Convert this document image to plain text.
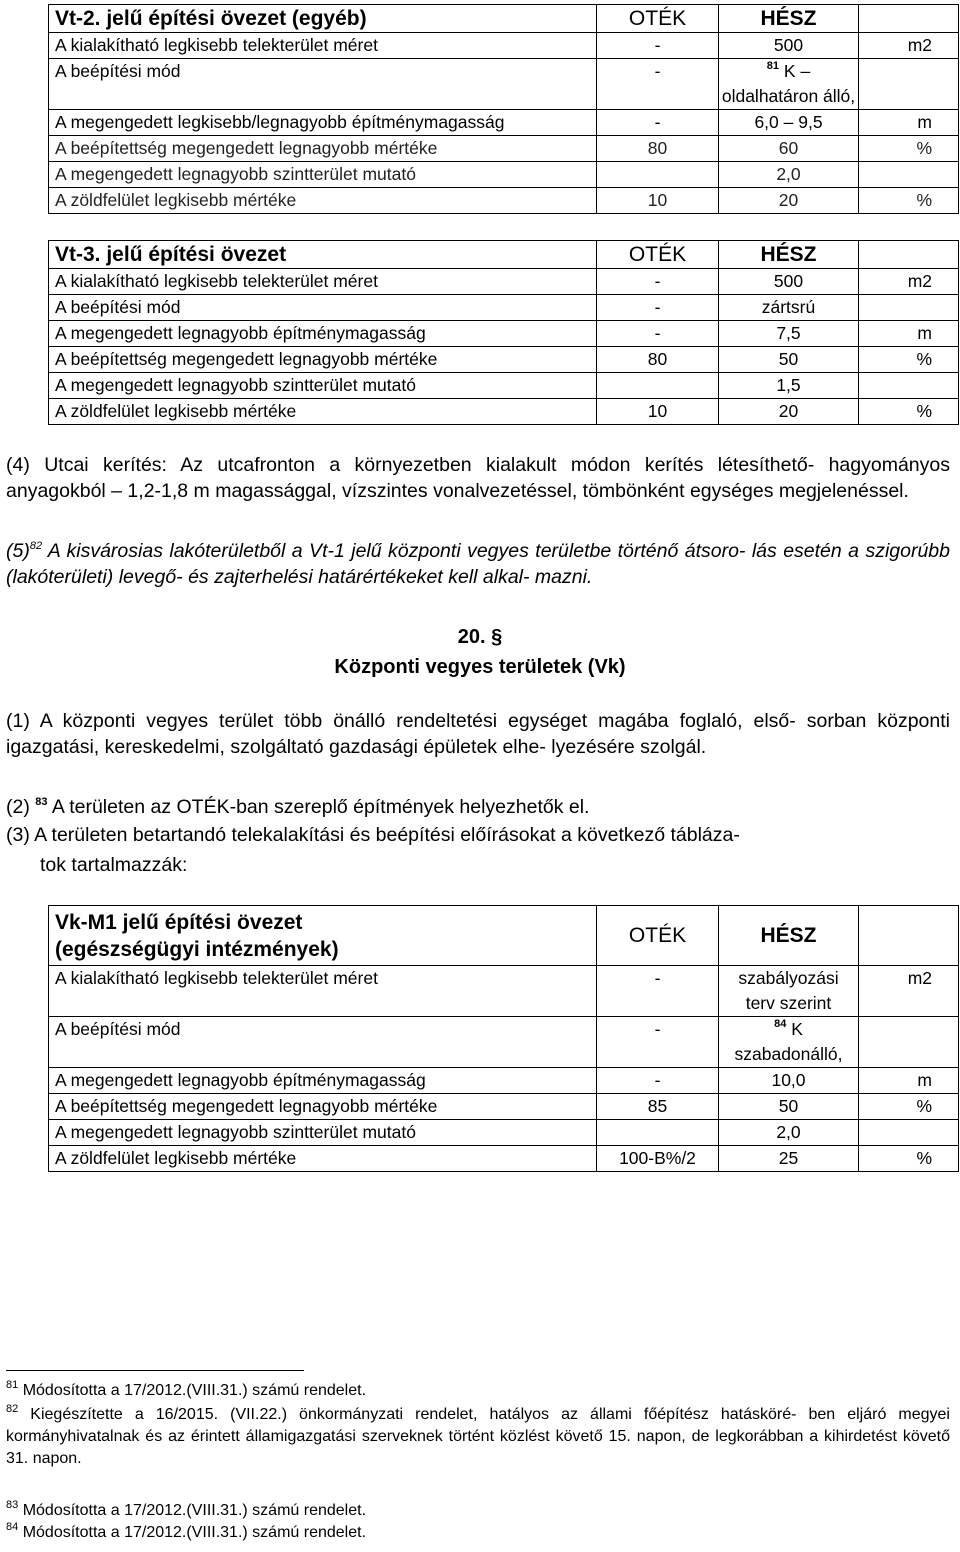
Vt-2. jelű építési övezet (egyéb)	OTÉK	HÉSZ	
A kialakítható legkisebb telekterület méret	-	500	m2
A beépítési mód	-	$^{81}$ K – oldalhatáron álló,	
A megengedett legkisebb/legnagyobb építménymagasság	-	6,0 – 9,5	m
A beépítettség megengedett legnagyobb mértéke	80	60	%
A megengedett legnagyobb szintterület mutató		2,0	
A zöldfelület legkisebb mértéke	10	20	%
Vt-3. jelű építési övezet	OTÉK	HÉSZ	
A kialakítható legkisebb telekterület méret	-	500	m2
A beépítési mód	-	zártsrú	
A megengedett legnagyobb építménymagasság	-	7,5	m
A beépítettség megengedett legnagyobb mértéke	80	50	%
A megengedett legnagyobb szintterület mutató		1,5	
A zöldfelület legkisebb mértéke	10	20	%

(4) Utcai kerítés: Az utcafronton a környezetben kialakult módon kerítés létesíthető- hagyományos anyagokból – 1,2-1,8 m magassággal, vízszintes vonalvezetéssel, tömbönként egységes megjelenéssel.

$(5)^{82}$ A kisvárosias lakóterületből a Vt-1 jelű központi vegyes területbe történő átsoro- lás esetén a szigorúbb (lakóterületi) levegő- és zajterhelési határértékeket kell alkal- mazni.

20. §
Központi vegyes területek (Vk)

(1) A központi vegyes terület több önálló rendeltetési egységet magába foglaló, első- sorban központi igazgatási, kereskedelmi, szolgáltató gazdasági épületek elhe- lyezésére szolgál.

(2) $^{83}$ A területen az OTÉK-ban szereplő építmények helyezhetők el.

(3) A területen betartandó telekalakítási és beépítési előírásokat a következő tábláza-

tok tartalmazzák:

Vk-M1 jelű építési övezet
(egészségügyi intézmények)	OTÉK	HÉSZ	
A kialakítható legkisebb telekterület méret	-	szabályozási terv szerint	m2
A beépítési mód	-	$^{84}$ K szabadonálló,	
A megengedett legnagyobb építménymagasság	-	10,0	m
A beépítettség megengedett legnagyobb mértéke	85	50	%
A megengedett legnagyobb szintterület mutató		2,0	
A zöldfelület legkisebb mértéke	100-B%/2	25	%

$^{81}$ Módosította a 17/2012.(VIII.31.) számú rendelet.

$^{82}$ Kiegészítette a 16/2015. (VII.22.) önkormányzati rendelet, hatályos az állami főépítész hatásköré- ben eljáró megyei kormányhivatalnak és az érintett államigazgatási szerveknek történt közlést követő 15. napon, de legkorábban a kihirdetést követő 31. napon.

$^{83}$ Módosította a 17/2012.(VIII.31.) számú rendelet.

$^{84}$ Módosította a 17/2012.(VIII.31.) számú rendelet.
